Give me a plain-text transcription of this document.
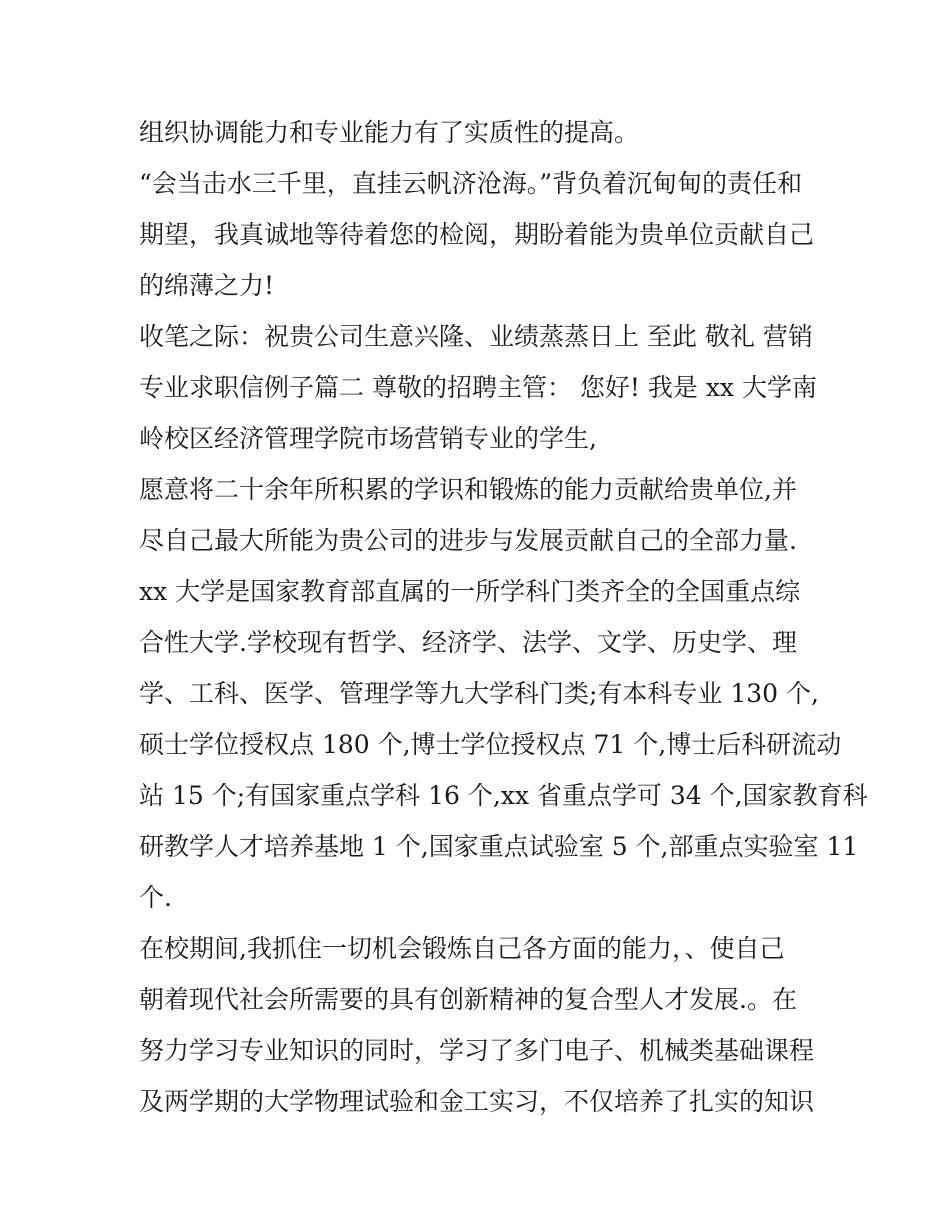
组织协调能力和专业能力有了实质性的提高。
“会当击水三千里，直挂云帆济沧海。”背负着沉甸甸的责任和
期望，我真诚地等待着您的检阅，期盼着能为贵单位贡献自己
的绵薄之力!
收笔之际：祝贵公司生意兴隆、业绩蒸蒸日上 至此 敬礼 营销
专业求职信例子篇二 尊敬的招聘主管： 您好! 我是 xx 大学南
岭校区经济管理学院市场营销专业的学生,
愿意将二十余年所积累的学识和锻炼的能力贡献给贵单位,并
尽自己最大所能为贵公司的进步与发展贡献自己的全部力量.
xx 大学是国家教育部直属的一所学科门类齐全的全国重点综
合性大学.学校现有哲学、经济学、法学、文学、历史学、理
学、工科、医学、管理学等九大学科门类;有本科专业 130 个,
硕士学位授权点 180 个,博士学位授权点 71 个,博士后科研流动
站 15 个;有国家重点学科 16 个,xx 省重点学可 34 个,国家教育科
研教学人才培养基地 1 个,国家重点试验室 5 个,部重点实验室 11
个.
在校期间,我抓住一切机会锻炼自己各方面的能力，、使自己
朝着现代社会所需要的具有创新精神的复合型人才发展.。在
努力学习专业知识的同时，学习了多门电子、机械类基础课程
及两学期的大学物理试验和金工实习，不仅培养了扎实的知识
